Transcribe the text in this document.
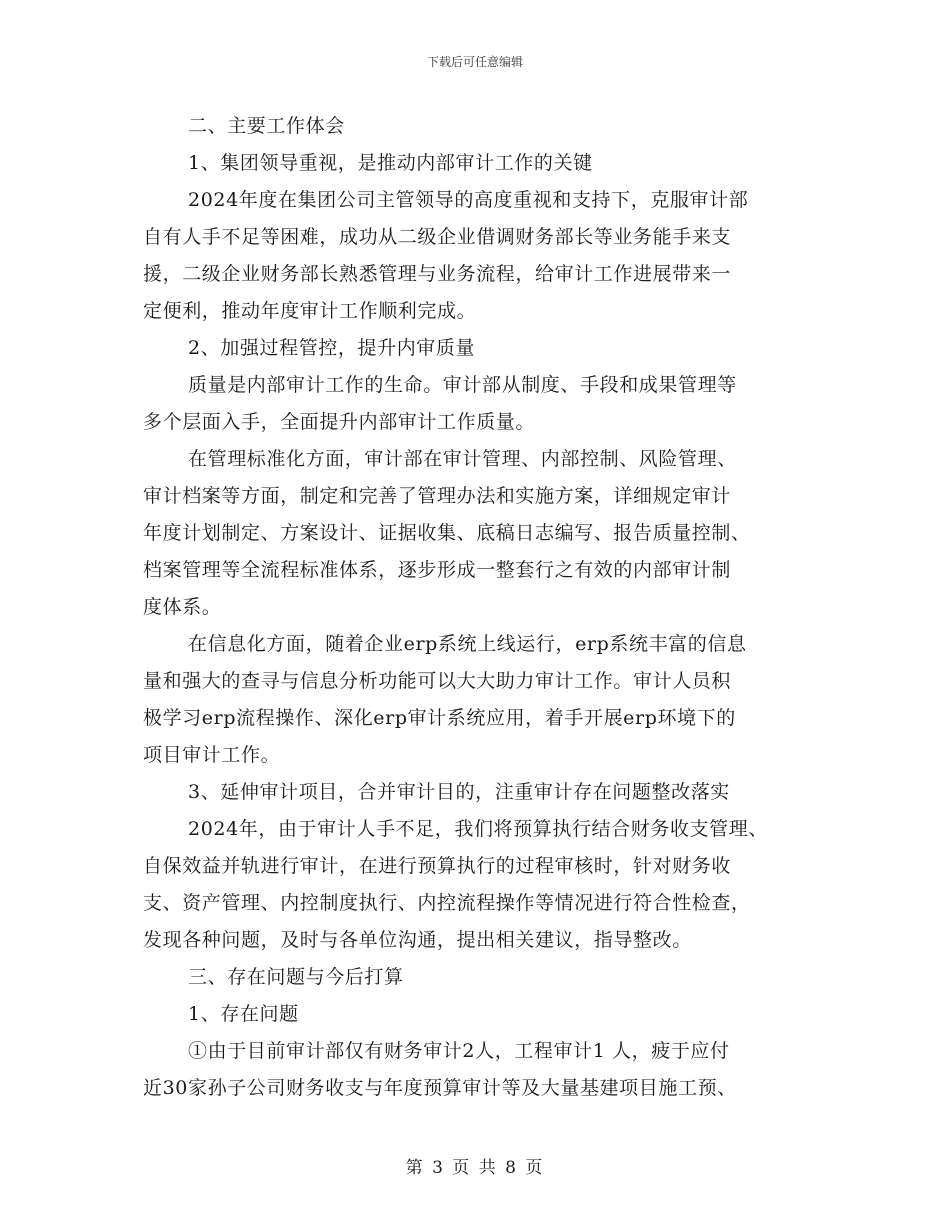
下载后可任意编辑
二、主要工作体会
1、集团领导重视，是推动内部审计工作的关键
2024年度在集团公司主管领导的高度重视和支持下，克服审计部
自有人手不足等困难，成功从二级企业借调财务部长等业务能手来支
援，二级企业财务部长熟悉管理与业务流程，给审计工作进展带来一
定便利，推动年度审计工作顺利完成。
2、加强过程管控，提升内审质量
质量是内部审计工作的生命。审计部从制度、手段和成果管理等
多个层面入手，全面提升内部审计工作质量。
在管理标准化方面，审计部在审计管理、内部控制、风险管理、
审计档案等方面，制定和完善了管理办法和实施方案，详细规定审计
年度计划制定、方案设计、证据收集、底稿日志编写、报告质量控制、
档案管理等全流程标准体系，逐步形成一整套行之有效的内部审计制
度体系。
在信息化方面，随着企业erp系统上线运行，erp系统丰富的信息
量和强大的查寻与信息分析功能可以大大助力审计工作。审计人员积
极学习erp流程操作、深化erp审计系统应用，着手开展erp环境下的
项目审计工作。
3、延伸审计项目，合并审计目的，注重审计存在问题整改落实
2024年，由于审计人手不足，我们将预算执行结合财务收支管理、
自保效益并轨进行审计，在进行预算执行的过程审核时，针对财务收
支、资产管理、内控制度执行、内控流程操作等情况进行符合性检查，
发现各种问题，及时与各单位沟通，提出相关建议，指导整改。
三、存在问题与今后打算
1、存在问题
①由于目前审计部仅有财务审计2人，工程审计1 人，疲于应付
近30家孙子公司财务收支与年度预算审计等及大量基建项目施工预、
第 3 页 共 8 页
